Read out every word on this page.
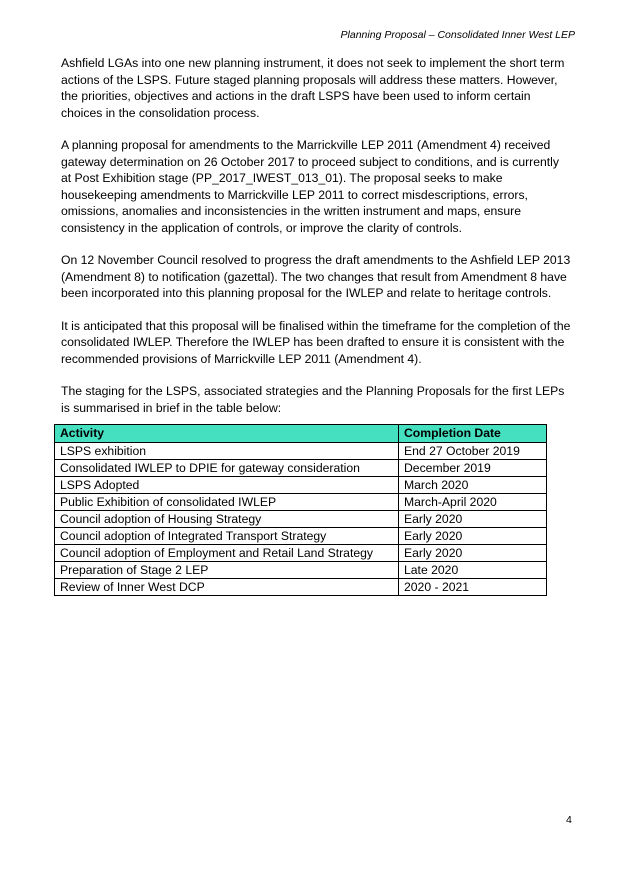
Planning Proposal – Consolidated Inner West LEP

Ashfield LGAs into one new planning instrument, it does not seek to implement the short term actions of the LSPS. Future staged planning proposals will address these matters. However, the priorities, objectives and actions in the draft LSPS have been used to inform certain choices in the consolidation process.

A planning proposal for amendments to the Marrickville LEP 2011 (Amendment 4) received gateway determination on 26 October 2017 to proceed subject to conditions, and is currently at Post Exhibition stage (PP_2017_IWEST_013_01). The proposal seeks to make housekeeping amendments to Marrickville LEP 2011 to correct misdescriptions, errors, omissions, anomalies and inconsistencies in the written instrument and maps, ensure consistency in the application of controls, or improve the clarity of controls.

On 12 November Council resolved to progress the draft amendments to the Ashfield LEP 2013 (Amendment 8) to notification (gazettal). The two changes that result from Amendment 8 have been incorporated into this planning proposal for the IWLEP and relate to heritage controls.

It is anticipated that this proposal will be finalised within the timeframe for the completion of the consolidated IWLEP. Therefore the IWLEP has been drafted to ensure it is consistent with the recommended provisions of Marrickville LEP 2011 (Amendment 4).

The staging for the LSPS, associated strategies and the Planning Proposals for the first LEPs is summarised in brief in the table below:

Activity	Completion Date
LSPS exhibition	End 27 October 2019
Consolidated IWLEP to DPIE for gateway consideration	December 2019
LSPS Adopted	March 2020
Public Exhibition of consolidated IWLEP	March-April 2020
Council adoption of Housing Strategy	Early 2020
Council adoption of Integrated Transport Strategy	Early 2020
Council adoption of Employment and Retail Land Strategy	Early 2020
Preparation of Stage 2 LEP	Late 2020
Review of Inner West DCP	2020 - 2021
4
